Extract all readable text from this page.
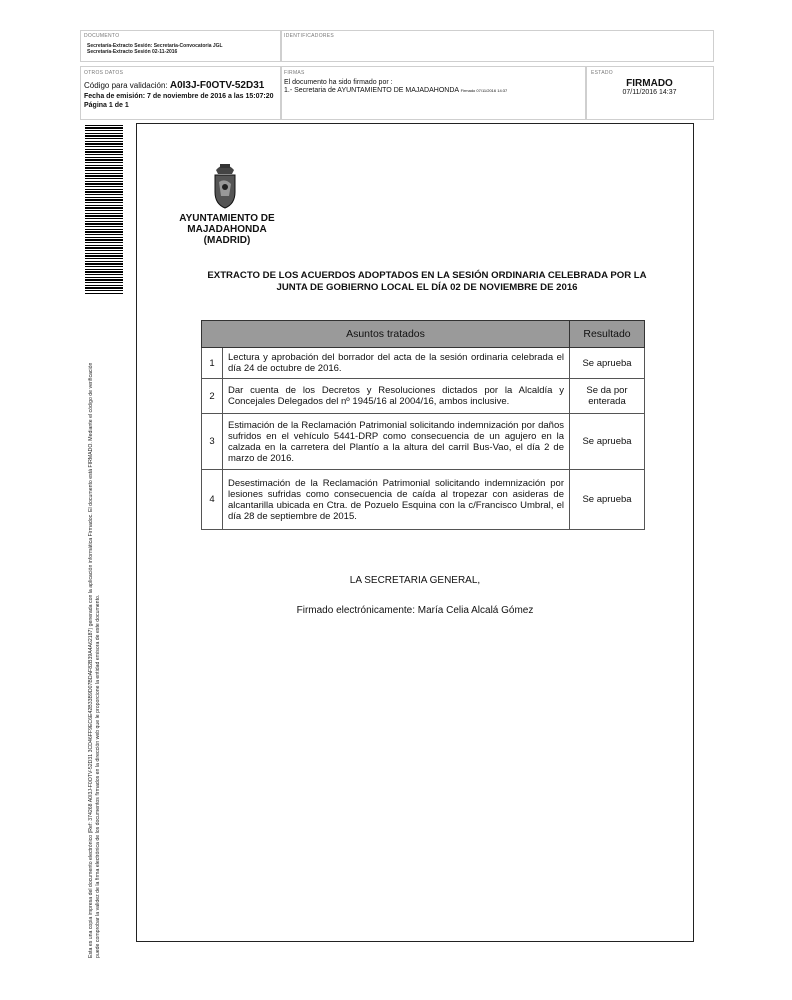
DOCUMENTO
Secretaría-Extracto Sesión: Secretaría-Convocatoria JGL
Secretaría-Extracto Sesión 02-11-2016
IDENTIFICADORES
OTROS DATOS
Código para validación: A0I3J-F0OTV-52D31
Fecha de emisión: 7 de noviembre de 2016 a las 15:07:20
Página 1 de 1
FIRMAS
El documento ha sido firmado por :
1.- Secretaria de AYUNTAMIENTO DE MAJADAHONDA Firmado 07/11/2016 14:37
ESTADO
FIRMADO
07/11/2016 14:37
Esta es una copia impresa del documento electrónico (Ref: 374268 A0I3J-F0OTV-52D31 3CD46FF9EC6E42B33B9D07BDAF82B39A4A62187) generada con la aplicación informática Firmadoc. El documento está FIRMADO. Mediante el código de verificación puede comprobar la validez de la firma electrónica de los documentos firmados en la dirección web que le proporcione la entidad emisora de este documento.
AYUNTAMIENTO DE
MAJADAHONDA
(MADRID)
EXTRACTO DE LOS ACUERDOS ADOPTADOS EN LA SESIÓN ORDINARIA CELEBRADA POR LA
JUNTA DE GOBIERNO LOCAL EL DÍA 02 DE NOVIEMBRE DE 2016
Asuntos tratados		Resultado
1	Lectura y aprobación del borrador del acta de la sesión ordinaria celebrada el día 24 de octubre de 2016.	Se aprueba
2	Dar cuenta de los Decretos y Resoluciones dictados por la Alcaldía y Concejales Delegados del nº 1945/16 al 2004/16, ambos inclusive.	Se da por enterada
3	Estimación de la Reclamación Patrimonial solicitando indemnización por daños sufridos en el vehículo 5441-DRP como consecuencia de un agujero en la calzada en la carretera del Plantío a la altura del carril Bus-Vao, el día 2 de marzo de 2016.	Se aprueba
4	Desestimación de la Reclamación Patrimonial solicitando indemnización por lesiones sufridas como consecuencia de caída al tropezar con asideras de alcantarilla ubicada en Ctra. de Pozuelo Esquina con la c/Francisco Umbral, el día 28 de septiembre de 2015.	Se aprueba
LA SECRETARIA GENERAL,
Firmado electrónicamente: María Celia Alcalá Gómez
